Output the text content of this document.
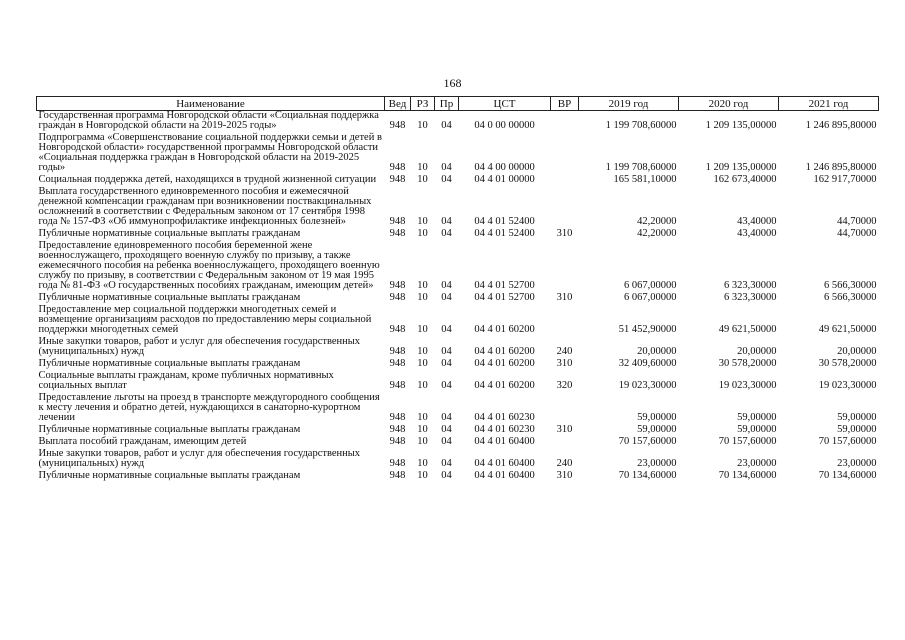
168
Наименование	Вед	РЗ	Пр	ЦСТ	ВР	2019 год	2020 год	2021 год
Государственная программа Новгородской области «Социальная поддержка граждан в Новгородской области на 2019-2025 годы»	948	10	04	04 0 00 00000		1 199 708,60000	1 209 135,00000	1 246 895,80000
Подпрограмма «Совершенствование социальной поддержки семьи и детей в Новгородской области» государственной программы Новгородской области «Социальная поддержка граждан в Новгородской области на 2019-2025 годы»	948	10	04	04 4 00 00000		1 199 708,60000	1 209 135,00000	1 246 895,80000
Социальная поддержка детей, находящихся в трудной жизненной ситуации	948	10	04	04 4 01 00000		165 581,10000	162 673,40000	162 917,70000
Выплата государственного единовременного пособия и ежемесячной денежной компенсации гражданам при возникновении поствакцинальных осложнений в соответствии с Федеральным законом от 17 сентября 1998 года № 157-ФЗ «Об иммунопрофилактике инфекционных болезней»	948	10	04	04 4 01 52400		42,20000	43,40000	44,70000
Публичные нормативные социальные выплаты гражданам	948	10	04	04 4 01 52400	310	42,20000	43,40000	44,70000
Предоставление единовременного пособия беременной жене военнослужащего, проходящего военную службу по призыву, а также ежемесячного пособия на ребенка военнослужащего, проходящего военную службу по призыву, в соответствии с Федеральным законом от 19 мая 1995 года № 81-ФЗ «О государственных пособиях гражданам, имеющим детей»	948	10	04	04 4 01 52700		6 067,00000	6 323,30000	6 566,30000
Публичные нормативные социальные выплаты гражданам	948	10	04	04 4 01 52700	310	6 067,00000	6 323,30000	6 566,30000
Предоставление мер социальной поддержки многодетных семей и возмещение организациям расходов по предоставлению меры социальной поддержки многодетных семей	948	10	04	04 4 01 60200		51 452,90000	49 621,50000	49 621,50000
Иные закупки товаров, работ и услуг для обеспечения государственных (муниципальных) нужд	948	10	04	04 4 01 60200	240	20,00000	20,00000	20,00000
Публичные нормативные социальные выплаты гражданам	948	10	04	04 4 01 60200	310	32 409,60000	30 578,20000	30 578,20000
Социальные выплаты гражданам, кроме публичных нормативных социальных выплат	948	10	04	04 4 01 60200	320	19 023,30000	19 023,30000	19 023,30000
Предоставление льготы на проезд в транспорте междугородного сообщения к месту лечения и обратно детей, нуждающихся в санаторно-курортном лечении	948	10	04	04 4 01 60230		59,00000	59,00000	59,00000
Публичные нормативные социальные выплаты гражданам	948	10	04	04 4 01 60230	310	59,00000	59,00000	59,00000
Выплата пособий гражданам, имеющим детей	948	10	04	04 4 01 60400		70 157,60000	70 157,60000	70 157,60000
Иные закупки товаров, работ и услуг для обеспечения государственных (муниципальных) нужд	948	10	04	04 4 01 60400	240	23,00000	23,00000	23,00000
Публичные нормативные социальные выплаты гражданам	948	10	04	04 4 01 60400	310	70 134,60000	70 134,60000	70 134,60000
